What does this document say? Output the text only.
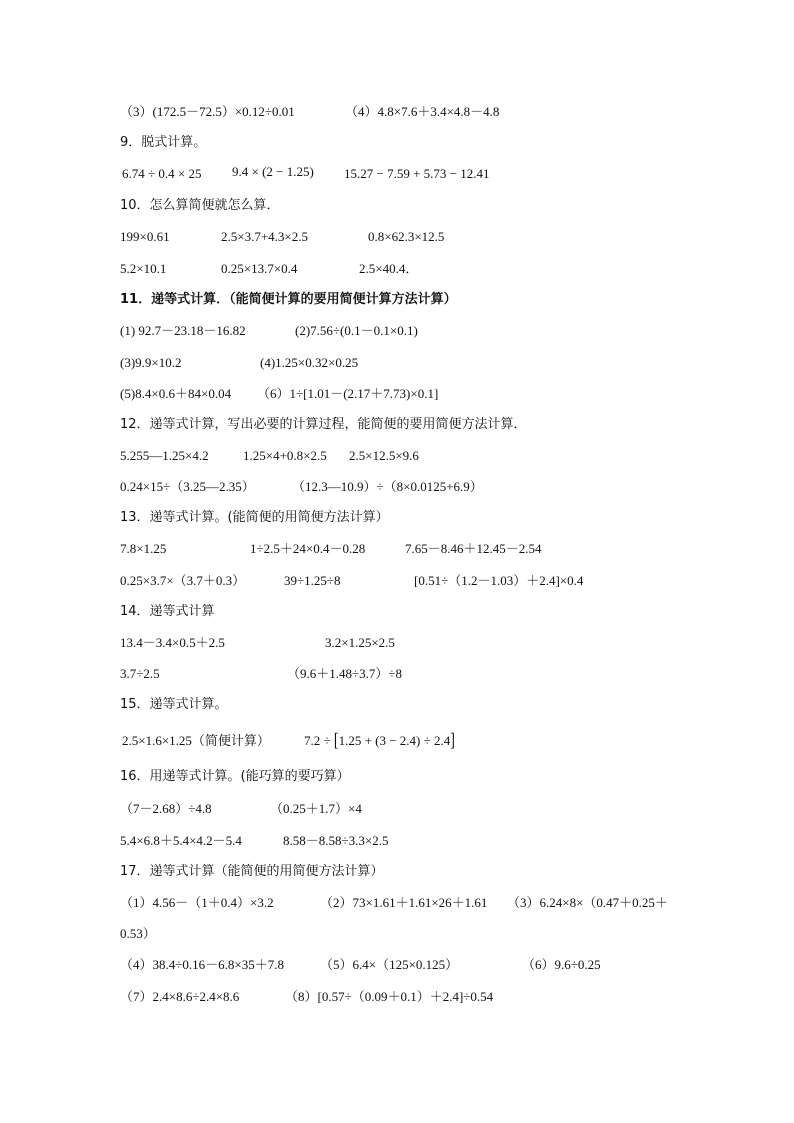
（3）(172.5－72.5）×0.12÷0.01	（4）4.8×7.6＋3.4×4.8－4.8
9．脱式计算。
6.74 ÷ 0.4 × 25 9.4 × (2 − 1.25) 15.27 − 7.59 + 5.73 − 12.41
10．怎么算简便就怎么算．
199×0.61	2.5×3.7+4.3×2.5	0.8×62.3×12.5
5.2×10.1	0.25×13.7×0.4	2.5×40.4．
11．递等式计算．（能简便计算的要用简便计算方法计算）
(1) 92.7－23.18－16.82	(2)7.56÷(0.1－0.1×0.1)
(3)9.9×10.2	(4)1.25×0.32×0.25
(5)8.4×0.6＋84×0.04 （6）1÷[1.01－(2.17＋7.73)×0.1]
12．递等式计算，写出必要的计算过程，能简便的要用简便方法计算．
5.255—1.25×4.2	1.25×4+0.8×2.5 2.5×12.5×9.6
0.24×15÷（3.25—2.35）	（12.3—10.9）÷（8×0.0125+6.9）
13．递等式计算。(能简便的用简便方法计算）
7.8×1.25	1÷2.5＋24×0.4－0.28	7.65－8.46＋12.45－2.54
0.25×3.7×（3.7＋0.3）	39÷1.25÷8	[0.51÷（1.2－1.03）＋2.4]×0.4
14．递等式计算
13.4－3.4×0.5＋2.5	3.2×1.25×2.5
3.7÷2.5	（9.6＋1.48÷3.7）÷8
15．递等式计算。
2.5×1.6×1.25（简便计算）	7.2 ÷ [1.25 + (3 − 2.4) ÷ 2.4]
16．用递等式计算。(能巧算的要巧算）
（7－2.68）÷4.8	（0.25＋1.7）×4
5.4×6.8＋5.4×4.2－5.4	8.58－8.58÷3.3×2.5
17．递等式计算（能简便的用简便方法计算）
（1）4.56－（1＋0.4）×3.2	（2）73×1.61＋1.61×26＋1.61 （3）6.24×8×（0.47＋0.25＋
0.53）
（4）38.4÷0.16－6.8×35＋7.8	（5）6.4×（125×0.125）	（6）9.6÷0.25
（7）2.4×8.6÷2.4×8.6	（8）[0.57÷（0.09＋0.1）＋2.4]÷0.54
